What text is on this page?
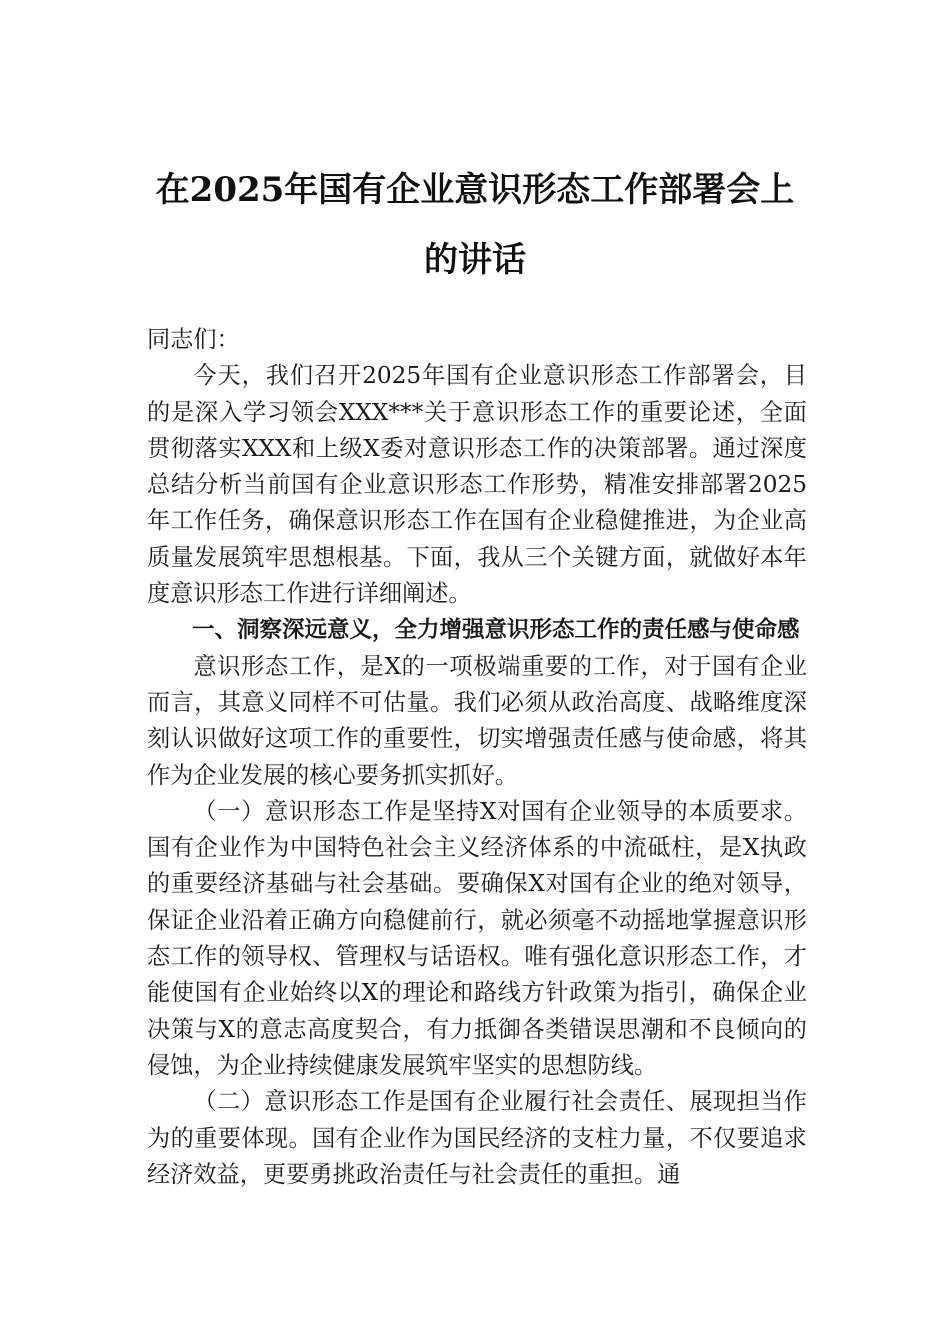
在2025年国有企业意识形态工作部署会上
的讲话

同志们：

今天，我们召开2025年国有企业意识形态工作部署会，目的是深入学习领会XXX***关于意识形态工作的重要论述，全面贯彻落实XXX和上级X委对意识形态工作的决策部署。通过深度总结分析当前国有企业意识形态工作形势，精准安排部署2025年工作任务，确保意识形态工作在国有企业稳健推进，为企业高质量发展筑牢思想根基。下面，我从三个关键方面，就做好本年度意识形态工作进行详细阐述。

一、洞察深远意义，全力增强意识形态工作的责任感与使命感

意识形态工作，是X的一项极端重要的工作，对于国有企业而言，其意义同样不可估量。我们必须从政治高度、战略维度深刻认识做好这项工作的重要性，切实增强责任感与使命感，将其作为企业发展的核心要务抓实抓好。

（一）意识形态工作是坚持X对国有企业领导的本质要求。国有企业作为中国特色社会主义经济体系的中流砥柱，是X执政的重要经济基础与社会基础。要确保X对国有企业的绝对领导，保证企业沿着正确方向稳健前行，就必须毫不动摇地掌握意识形态工作的领导权、管理权与话语权。唯有强化意识形态工作，才能使国有企业始终以X的理论和路线方针政策为指引，确保企业决策与X的意志高度契合，有力抵御各类错误思潮和不良倾向的侵蚀，为企业持续健康发展筑牢坚实的思想防线。

（二）意识形态工作是国有企业履行社会责任、展现担当作为的重要体现。国有企业作为国民经济的支柱力量，不仅要追求经济效益，更要勇挑政治责任与社会责任的重担。通
